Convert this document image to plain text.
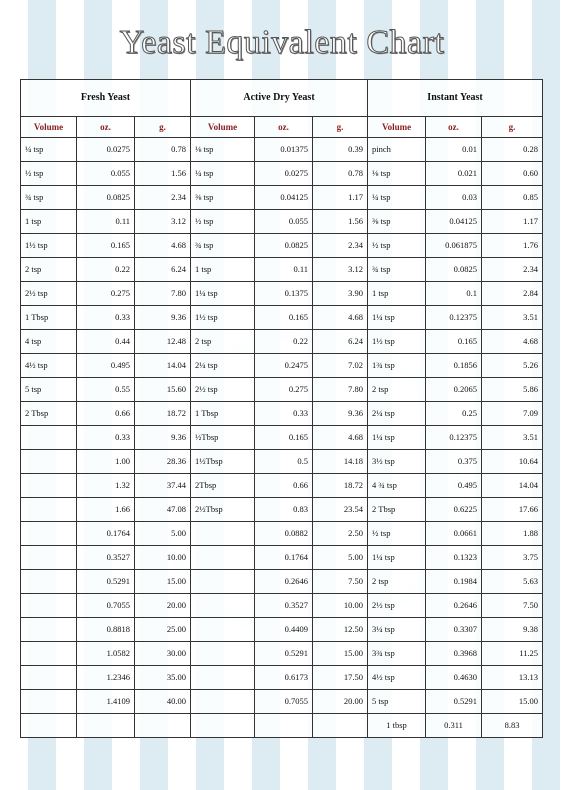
Yeast Equivalent Chart
Fresh Yeast			Active Dry Yeast			Instant Yeast		
Volume	oz.	g.	Volume	oz.	g.	Volume	oz.	g.
¼ tsp	0.0275	0.78	⅛ tsp	0.01375	0.39	pinch	0.01	0.28
½ tsp	0.055	1.56	¼ tsp	0.0275	0.78	⅛ tsp	0.021	0.60
¾ tsp	0.0825	2.34	⅜ tsp	0.04125	1.17	¼ tsp	0.03	0.85
1 tsp	0.11	3.12	½ tsp	0.055	1.56	⅜ tsp	0.04125	1.17
1½ tsp	0.165	4.68	¾ tsp	0.0825	2.34	½ tsp	0.061875	1.76
2 tsp	0.22	6.24	1 tsp	0.11	3.12	¾ tsp	0.0825	2.34
2½ tsp	0.275	7.80	1¼ tsp	0.1375	3.90	1 tsp	0.1	2.84
1 Tbsp	0.33	9.36	1½ tsp	0.165	4.68	1¼ tsp	0.12375	3.51
4 tsp	0.44	12.48	2 tsp	0.22	6.24	1½ tsp	0.165	4.68
4½ tsp	0.495	14.04	2¼ tsp	0.2475	7.02	1¾ tsp	0.1856	5.26
5 tsp	0.55	15.60	2½ tsp	0.275	7.80	2 tsp	0.2065	5.86
2 Tbsp	0.66	18.72	1 Tbsp	0.33	9.36	2¼ tsp	0.25	7.09
	0.33	9.36	½Tbsp	0.165	4.68	1¼ tsp	0.12375	3.51
	1.00	28.36	1½Tbsp	0.5	14.18	3½ tsp	0.375	10.64
	1.32	37.44	2Tbsp	0.66	18.72	4 ¾ tsp	0.495	14.04
	1.66	47.08	2½Tbsp	0.83	23.54	2 Tbsp	0.6225	17.66
	0.1764	5.00		0.0882	2.50	½ tsp	0.0661	1.88
	0.3527	10.00		0.1764	5.00	1¼ tsp	0.1323	3.75
	0.5291	15.00		0.2646	7.50	2 tsp	0.1984	5.63
	0.7055	20.00		0.3527	10.00	2½ tsp	0.2646	7.50
	0.8818	25.00		0.4409	12.50	3¼ tsp	0.3307	9.38
	1.0582	30.00		0.5291	15.00	3¾ tsp	0.3968	11.25
	1.2346	35.00		0.6173	17.50	4½ tsp	0.4630	13.13
	1.4109	40.00		0.7055	20.00	5 tsp	0.5291	15.00
						1 tbsp	0.311	8.83
